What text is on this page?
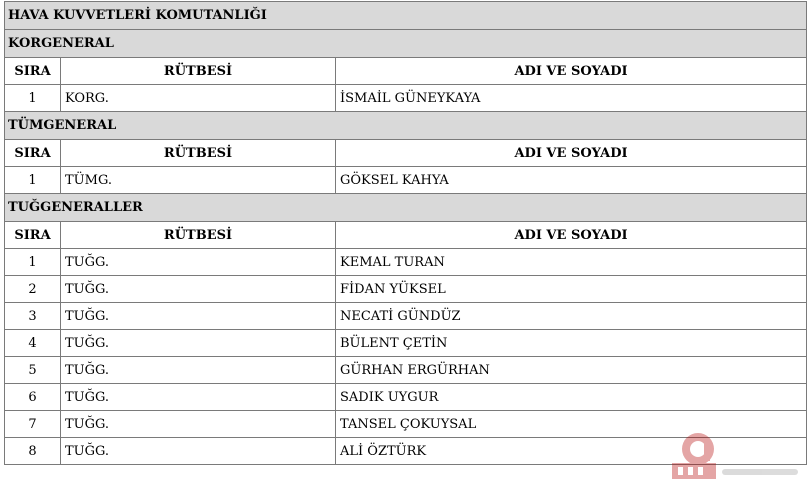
HAVA KUVVETLERİ KOMUTANLIĞI		
KORGENERAL		
SIRA	RÜTBESİ	ADI VE SOYADI
1	KORG.	İSMAİL GÜNEYKAYA
TÜMGENERAL		
SIRA	RÜTBESİ	ADI VE SOYADI
1	TÜMG.	GÖKSEL KAHYA
TUĞGENERALLER		
SIRA	RÜTBESİ	ADI VE SOYADI
1	TUĞG.	KEMAL TURAN
2	TUĞG.	FİDAN YÜKSEL
3	TUĞG.	NECATİ GÜNDÜZ
4	TUĞG.	BÜLENT ÇETİN
5	TUĞG.	GÜRHAN ERGÜRHAN
6	TUĞG.	SADIK UYGUR
7	TUĞG.	TANSEL ÇOKUYSAL
8	TUĞG.	ALİ ÖZTÜRK
